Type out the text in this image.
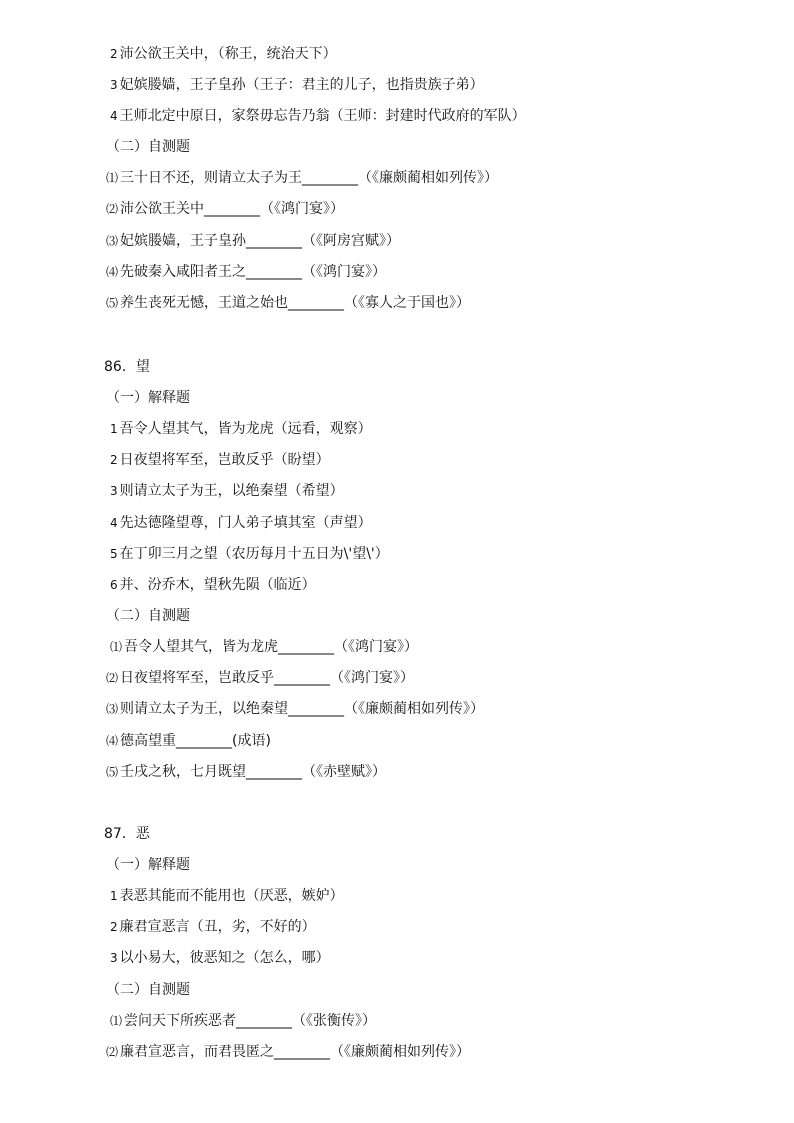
2 沛公欲王关中，（称王，统治天下）
3 妃嫔媵嫱，王子皇孙（王子：君主的儿子，也指贵族子弟）
4 王师北定中原日，家祭毋忘告乃翁（王师：封建时代政府的军队）
（二）自测题
⑴ 三十日不还，则请立太子为王________（《廉颇蔺相如列传》）
⑵ 沛公欲王关中________（《鸿门宴》）
⑶ 妃嫔媵嫱，王子皇孙________（《阿房宫赋》）
⑷ 先破秦入咸阳者王之________（《鸿门宴》）
⑸ 养生丧死无憾，王道之始也________（《寡人之于国也》）
86．望
（一）解释题
1 吾令人望其气，皆为龙虎（远看，观察）
2 日夜望将军至，岂敢反乎（盼望）
3 则请立太子为王，以绝秦望（希望）
4 先达德隆望尊，门人弟子填其室（声望）
5 在丁卯三月之望（农历每月十五日为\'望\'）
6 并、汾乔木，望秋先陨（临近）
（二）自测题
⑴ 吾令人望其气，皆为龙虎________（《鸿门宴》）
⑵ 日夜望将军至，岂敢反乎________（《鸿门宴》）
⑶ 则请立太子为王，以绝秦望________（《廉颇蔺相如列传》）
⑷ 德高望重________(成语)
⑸ 壬戌之秋，七月既望________（《赤壁赋》）
87．恶
（一）解释题
1 表恶其能而不能用也（厌恶，嫉妒）
2 廉君宣恶言（丑，劣，不好的）
3 以小易大，彼恶知之（怎么，哪）
（二）自测题
⑴ 尝问天下所疾恶者________（《张衡传》）
⑵ 廉君宣恶言，而君畏匿之________（《廉颇蔺相如列传》）
